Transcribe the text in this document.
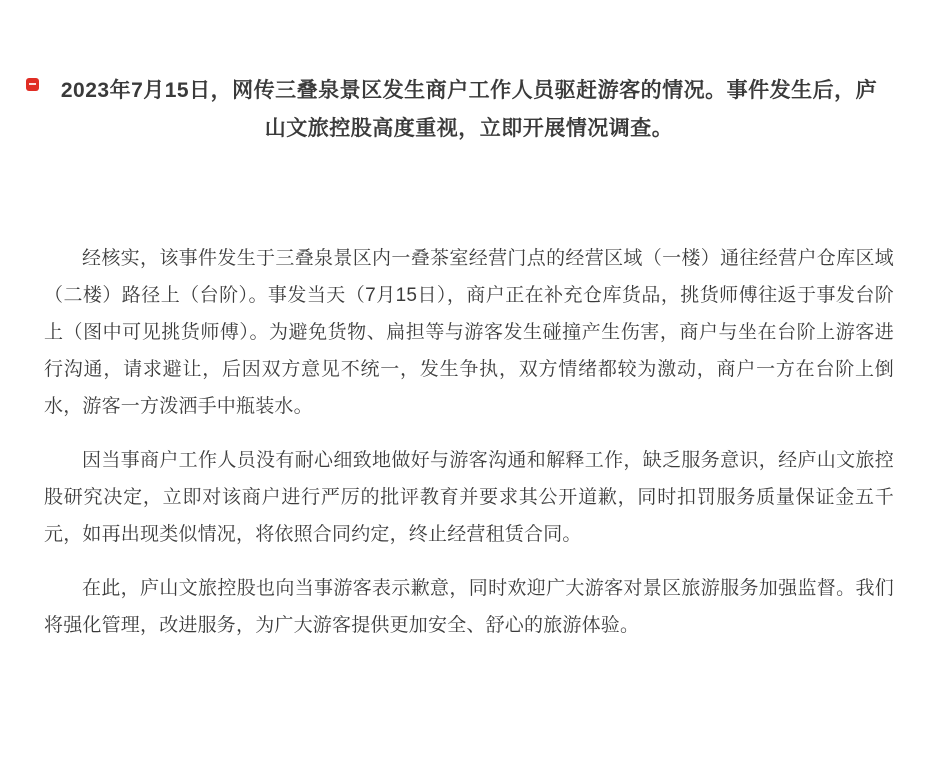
2023年7月15日，网传三叠泉景区发生商户工作人员驱赶游客的情况。事件发生后，庐山文旅控股高度重视，立即开展情况调查。

经核实，该事件发生于三叠泉景区内一叠茶室经营门点的经营区域（一楼）通往经营户仓库区域（二楼）路径上（台阶）。事发当天（7月15日），商户正在补充仓库货品，挑货师傅往返于事发台阶上（图中可见挑货师傅）。为避免货物、扁担等与游客发生碰撞产生伤害，商户与坐在台阶上游客进行沟通，请求避让，后因双方意见不统一，发生争执，双方情绪都较为激动，商户一方在台阶上倒水，游客一方泼洒手中瓶装水。

因当事商户工作人员没有耐心细致地做好与游客沟通和解释工作，缺乏服务意识，经庐山文旅控股研究决定，立即对该商户进行严厉的批评教育并要求其公开道歉，同时扣罚服务质量保证金五千元，如再出现类似情况，将依照合同约定，终止经营租赁合同。

在此，庐山文旅控股也向当事游客表示歉意，同时欢迎广大游客对景区旅游服务加强监督。我们将强化管理，改进服务，为广大游客提供更加安全、舒心的旅游体验。
